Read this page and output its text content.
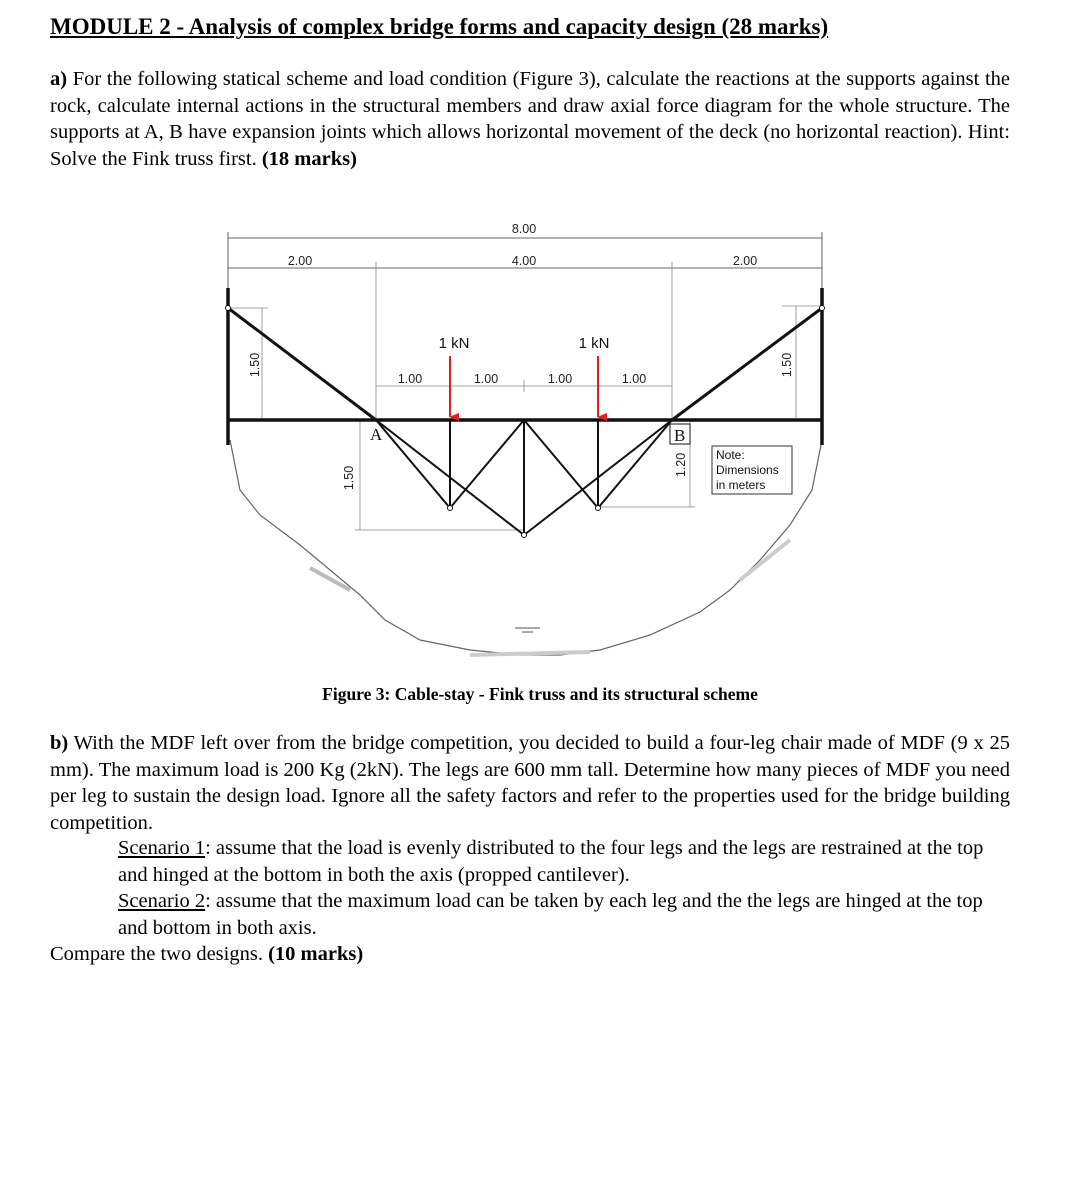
MODULE 2 - Analysis of complex bridge forms and capacity design (28 marks)
a) For the following statical scheme and load condition (Figure 3), calculate the reactions at the supports against the rock, calculate internal actions in the structural members and draw axial force diagram for the whole structure. The supports at A, B have expansion joints which allows horizontal movement of the deck (no horizontal reaction). Hint: Solve the Fink truss first. (18 marks)
8.00
2.00	4.00	2.00
1.00	1.00	1.00	1.00
1.50	1.50
1.50
1.20
1 kN	1 kN
A	B
Note:
Dimensions
in meters
Figure 3: Cable-stay - Fink truss and its structural scheme
b) With the MDF left over from the bridge competition, you decided to build a four-leg chair made of MDF (9 x 25 mm). The maximum load is 200 Kg (2kN). The legs are 600 mm tall. Determine how many pieces of MDF you need per leg to sustain the design load. Ignore all the safety factors and refer to the properties used for the bridge building competition.
Scenario 1: assume that the load is evenly distributed to the four legs and the legs are restrained at the top and hinged at the bottom in both the axis (propped cantilever).
Scenario 2: assume that the maximum load can be taken by each leg and the the legs are hinged at the top and bottom in both axis.
Compare the two designs. (10 marks)
